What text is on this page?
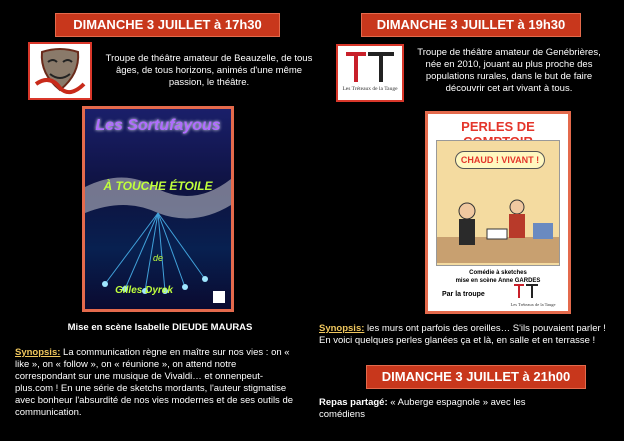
DIMANCHE 3 JUILLET à 17h30
Troupe de théâtre amateur de Beauzelle, de tous âges, de tous horizons, animés d'une même passion, le théâtre.
Les Sortufayous
À TOUCHE ÉTOILE
de
Gilles Dyrek
Mise en scène Isabelle DIEUDE MAURAS
Synopsis: La communication règne en maître sur nos vies : on « like », on « follow », on « réunione », on attend notre correspondant sur une musique de Vivaldi… et onnenpeut-plus.com ! En une série de sketchs mordants, l'auteur stigmatise avec bonheur l'absurdité de nos vies modernes et de ses outils de communication.
DIMANCHE 3 JUILLET à 19h30
Les Tréteaux de la Tauge
Troupe de théâtre amateur de Genébrières, née en 2010, jouant au plus proche des populations rurales, dans le but de faire découvrir cet art vivant à tous.
PERLES DE
CHAUD ! VIVANT !
Comédie à sketches
mise en scène Anne GARDES
Par la troupe
Les Tréteaux de la Tauge
Synopsis: les murs ont parfois des oreilles… S'ils pouvaient parler ! En voici quelques perles glanées ça et là, en salle et en terrasse !
DIMANCHE 3 JUILLET à 21h00
Repas partagé: « Auberge espagnole » avec les comédiens
